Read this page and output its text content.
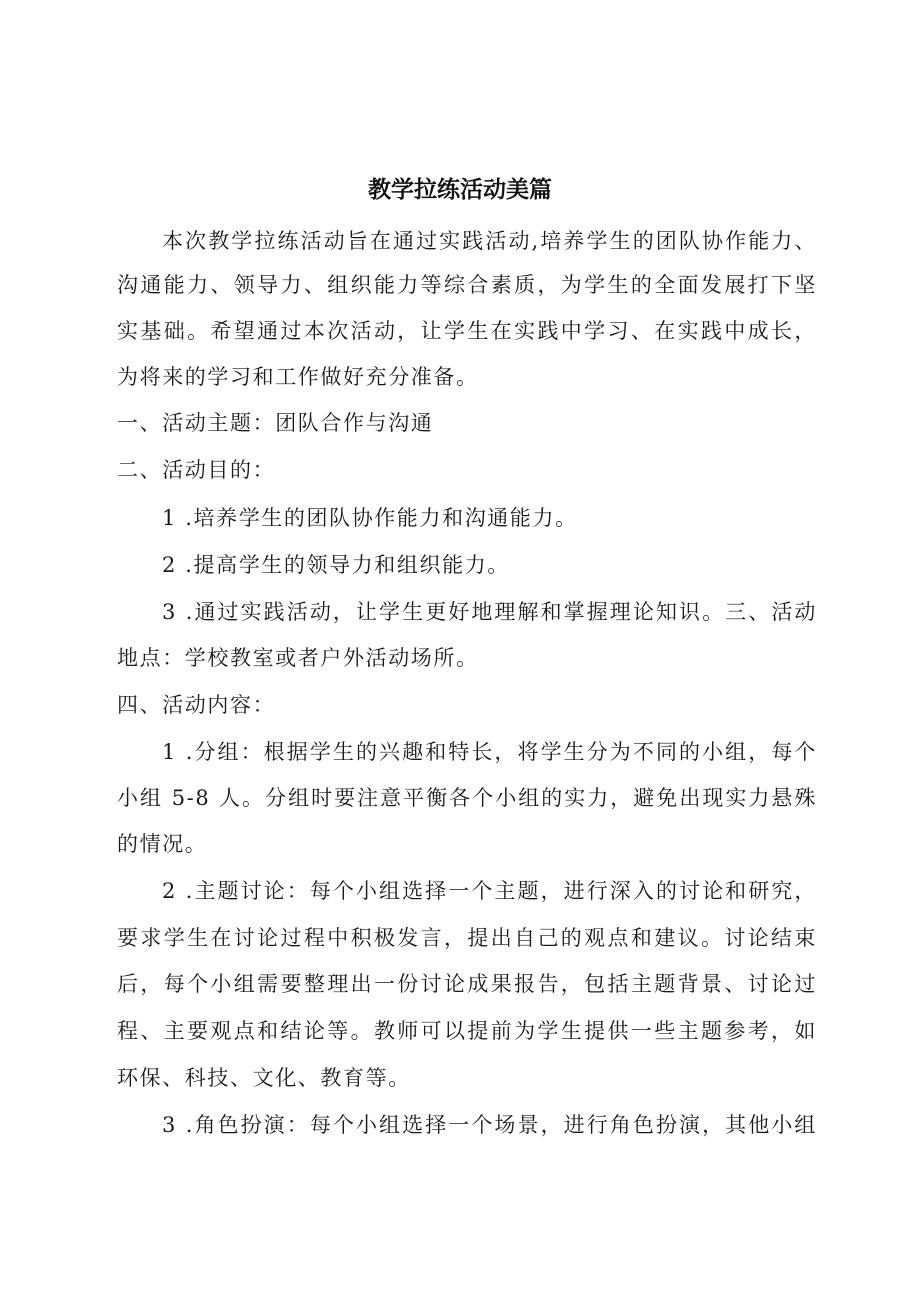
教学拉练活动美篇
本次教学拉练活动旨在通过实践活动,培养学生的团队协作能力、
沟通能力、领导力、组织能力等综合素质，为学生的全面发展打下坚
实基础。希望通过本次活动，让学生在实践中学习、在实践中成长，
为将来的学习和工作做好充分准备。
一、活动主题：团队合作与沟通
二、活动目的：
1 .培养学生的团队协作能力和沟通能力。
2 .提高学生的领导力和组织能力。
3 .通过实践活动，让学生更好地理解和掌握理论知识。三、活动
地点：学校教室或者户外活动场所。
四、活动内容：
1 .分组：根据学生的兴趣和特长，将学生分为不同的小组，每个
小组 5-8 人。分组时要注意平衡各个小组的实力，避免出现实力悬殊
的情况。
2 .主题讨论：每个小组选择一个主题，进行深入的讨论和研究，
要求学生在讨论过程中积极发言，提出自己的观点和建议。讨论结束
后，每个小组需要整理出一份讨论成果报告，包括主题背景、讨论过
程、主要观点和结论等。教师可以提前为学生提供一些主题参考，如
环保、科技、文化、教育等。
3 .角色扮演：每个小组选择一个场景，进行角色扮演，其他小组
